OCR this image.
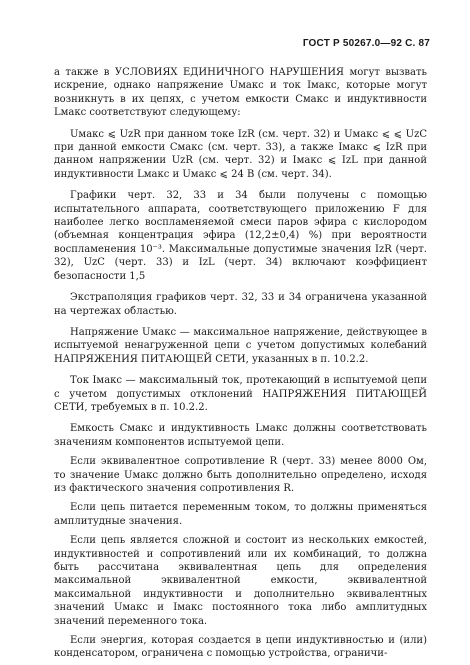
ГОСТ Р 50267.0—92 С. 87

а также в УСЛОВИЯХ ЕДИНИЧНОГО НАРУШЕНИЯ могут вызвать искрение, однако напряжение Uмакс и ток Iмакс, которые могут возникнуть в их цепях, с учетом емкости Cмакс и индуктивности Lмакс соответствуют следующему:

Uмакс ⩽ UzR при данном токе IzR (см. черт. 32) и Uмакс ⩽ ⩽ UzC при данной емкости Cмакс (см. черт. 33), а также Iмакс ⩽ IzR при данном напряжении UzR (см. черт. 32) и Iмакс ⩽ IzL при данной индуктивности Lмакс и Uмакс ⩽ 24 В (см. черт. 34).

Графики черт. 32, 33 и 34 были получены с помощью испытательного аппарата, соответствующего приложению F для наиболее легко воспламеняемой смеси паров эфира с кислородом (объемная концентрация эфира (12,2±0,4) %) при вероятности воспламенения 10⁻³. Максимальные допустимые значения IzR (черт. 32), UzC (черт. 33) и IzL (черт. 34) включают коэффициент безопасности 1,5

Экстраполяция графиков черт. 32, 33 и 34 ограничена указанной на чертежах областью.

Напряжение Uмакс — максимальное напряжение, действующее в испытуемой ненагруженной цепи с учетом допустимых колебаний НАПРЯЖЕНИЯ ПИТАЮЩЕЙ СЕТИ, указанных в п. 10.2.2.

Ток Iмакс — максимальный ток, протекающий в испытуемой цепи с учетом допустимых отклонений НАПРЯЖЕНИЯ ПИТАЮЩЕЙ СЕТИ, требуемых в п. 10.2.2.

Емкость Cмакс и индуктивность Lмакс должны соответствовать значениям компонентов испытуемой цепи.

Если эквивалентное сопротивление R (черт. 33) менее 8000 Ом, то значение Uмакс должно быть дополнительно определено, исходя из фактического значения сопротивления R.

Если цепь питается переменным током, то должны применяться амплитудные значения.

Если цепь является сложной и состоит из нескольких емкостей, индуктивностей и сопротивлений или их комбинаций, то должна быть рассчитана эквивалентная цепь для определения максимальной эквивалентной емкости, эквивалентной максимальной индуктивности и дополнительно эквивалентных значений Uмакс и Iмакс постоянного тока либо амплитудных значений переменного тока.

Если энергия, которая создается в цепи индуктивностью и (или) конденсатором, ограничена с помощью устройства, ограничи-
